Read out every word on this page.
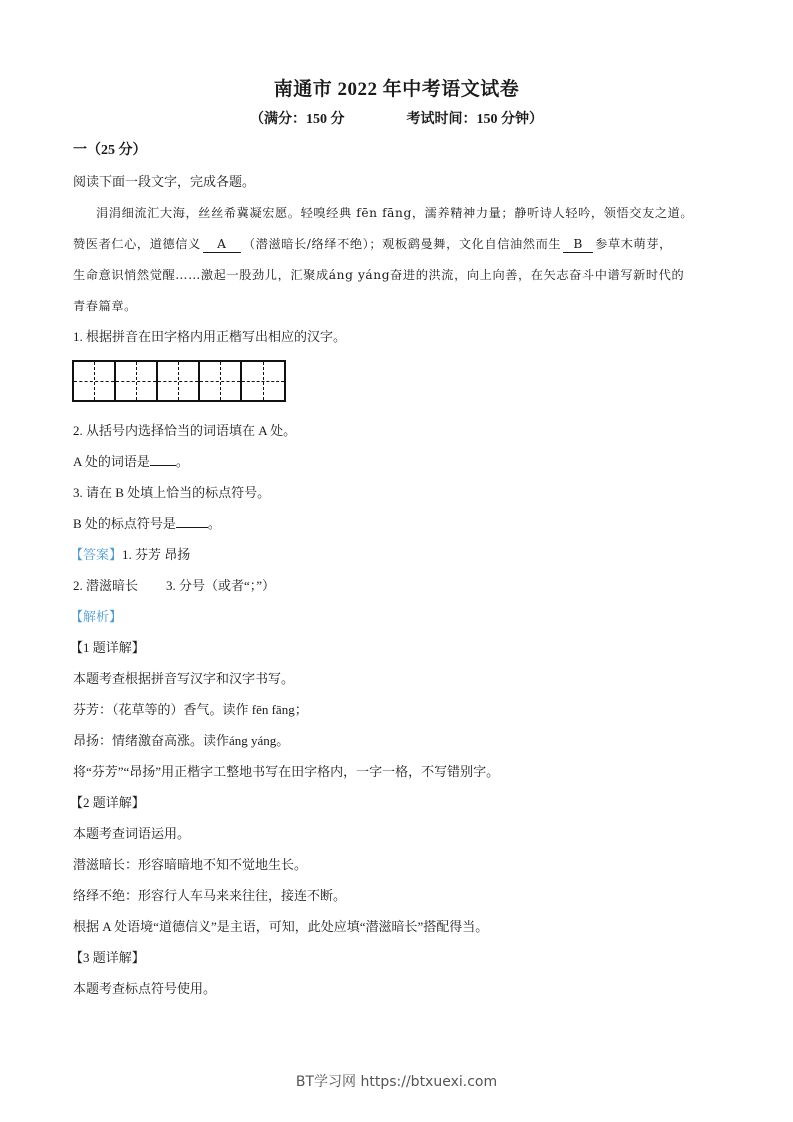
南通市 2022 年中考语文试卷
（满分：150 分	考试时间：150 分钟）
一（25 分）
阅读下面一段文字，完成各题。
涓涓细流汇大海，丝丝希冀凝宏愿。轻嗅经典 fēn fāng，濡养精神力量；静听诗人轻吟，领悟交友之道。
赞医者仁心，道德信义 A （潜滋暗长/络绎不绝）；观板鹞曼舞，文化自信油然而生 B 参草木萌芽，
生命意识悄然觉醒……激起一股劲儿，汇聚成áng yáng奋进的洪流，向上向善，在矢志奋斗中谱写新时代的
青春篇章。
1. 根据拼音在田字格内用正楷写出相应的汉字。
2. 从括号内选择恰当的词语填在 A 处。
A 处的词语是 。
3. 请在 B 处填上恰当的标点符号。
B 处的标点符号是 。
【答案】1. 芬芳 昂扬
2. 潜滋暗长 3. 分号（或者“；”）
【解析】
【1 题详解】
本题考查根据拼音写汉字和汉字书写。
芬芳：（花草等的）香气。读作 fēn fāng；
昂扬：情绪激奋高涨。读作áng yáng。
将“芬芳”“昂扬”用正楷字工整地书写在田字格内，一字一格，不写错别字。
【2 题详解】
本题考查词语运用。
潜滋暗长：形容暗暗地不知不觉地生长。
络绎不绝：形容行人车马来来往往，接连不断。
根据 A 处语境“道德信义”是主语，可知，此处应填“潜滋暗长”搭配得当。
【3 题详解】
本题考查标点符号使用。
BT学习网 https://btxuexi.com
